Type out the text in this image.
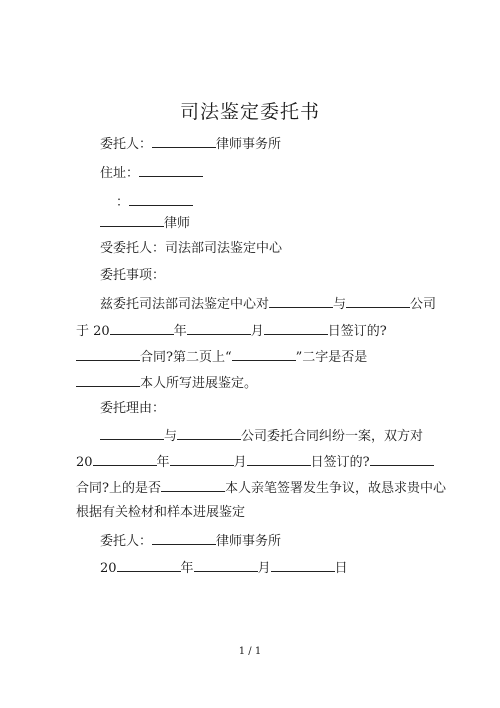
司法鉴定委托书
委托人：	律师事务所
住址：
：
律师
受委托人：司法部司法鉴定中心
委托事项：
兹委托司法部司法鉴定中心对	与	公司
于 20	年	月	日签订的?
合同?第二页上“	”二字是否是
本人所写进展鉴定。
委托理由：
与	公司委托合同纠纷一案，双方对
20	年	月	日签订的?
合同?上的是否	本人亲笔签署发生争议，故恳求贵中心
根据有关检材和样本进展鉴定
委托人：	律师事务所
20	年	月	日
1 / 1
